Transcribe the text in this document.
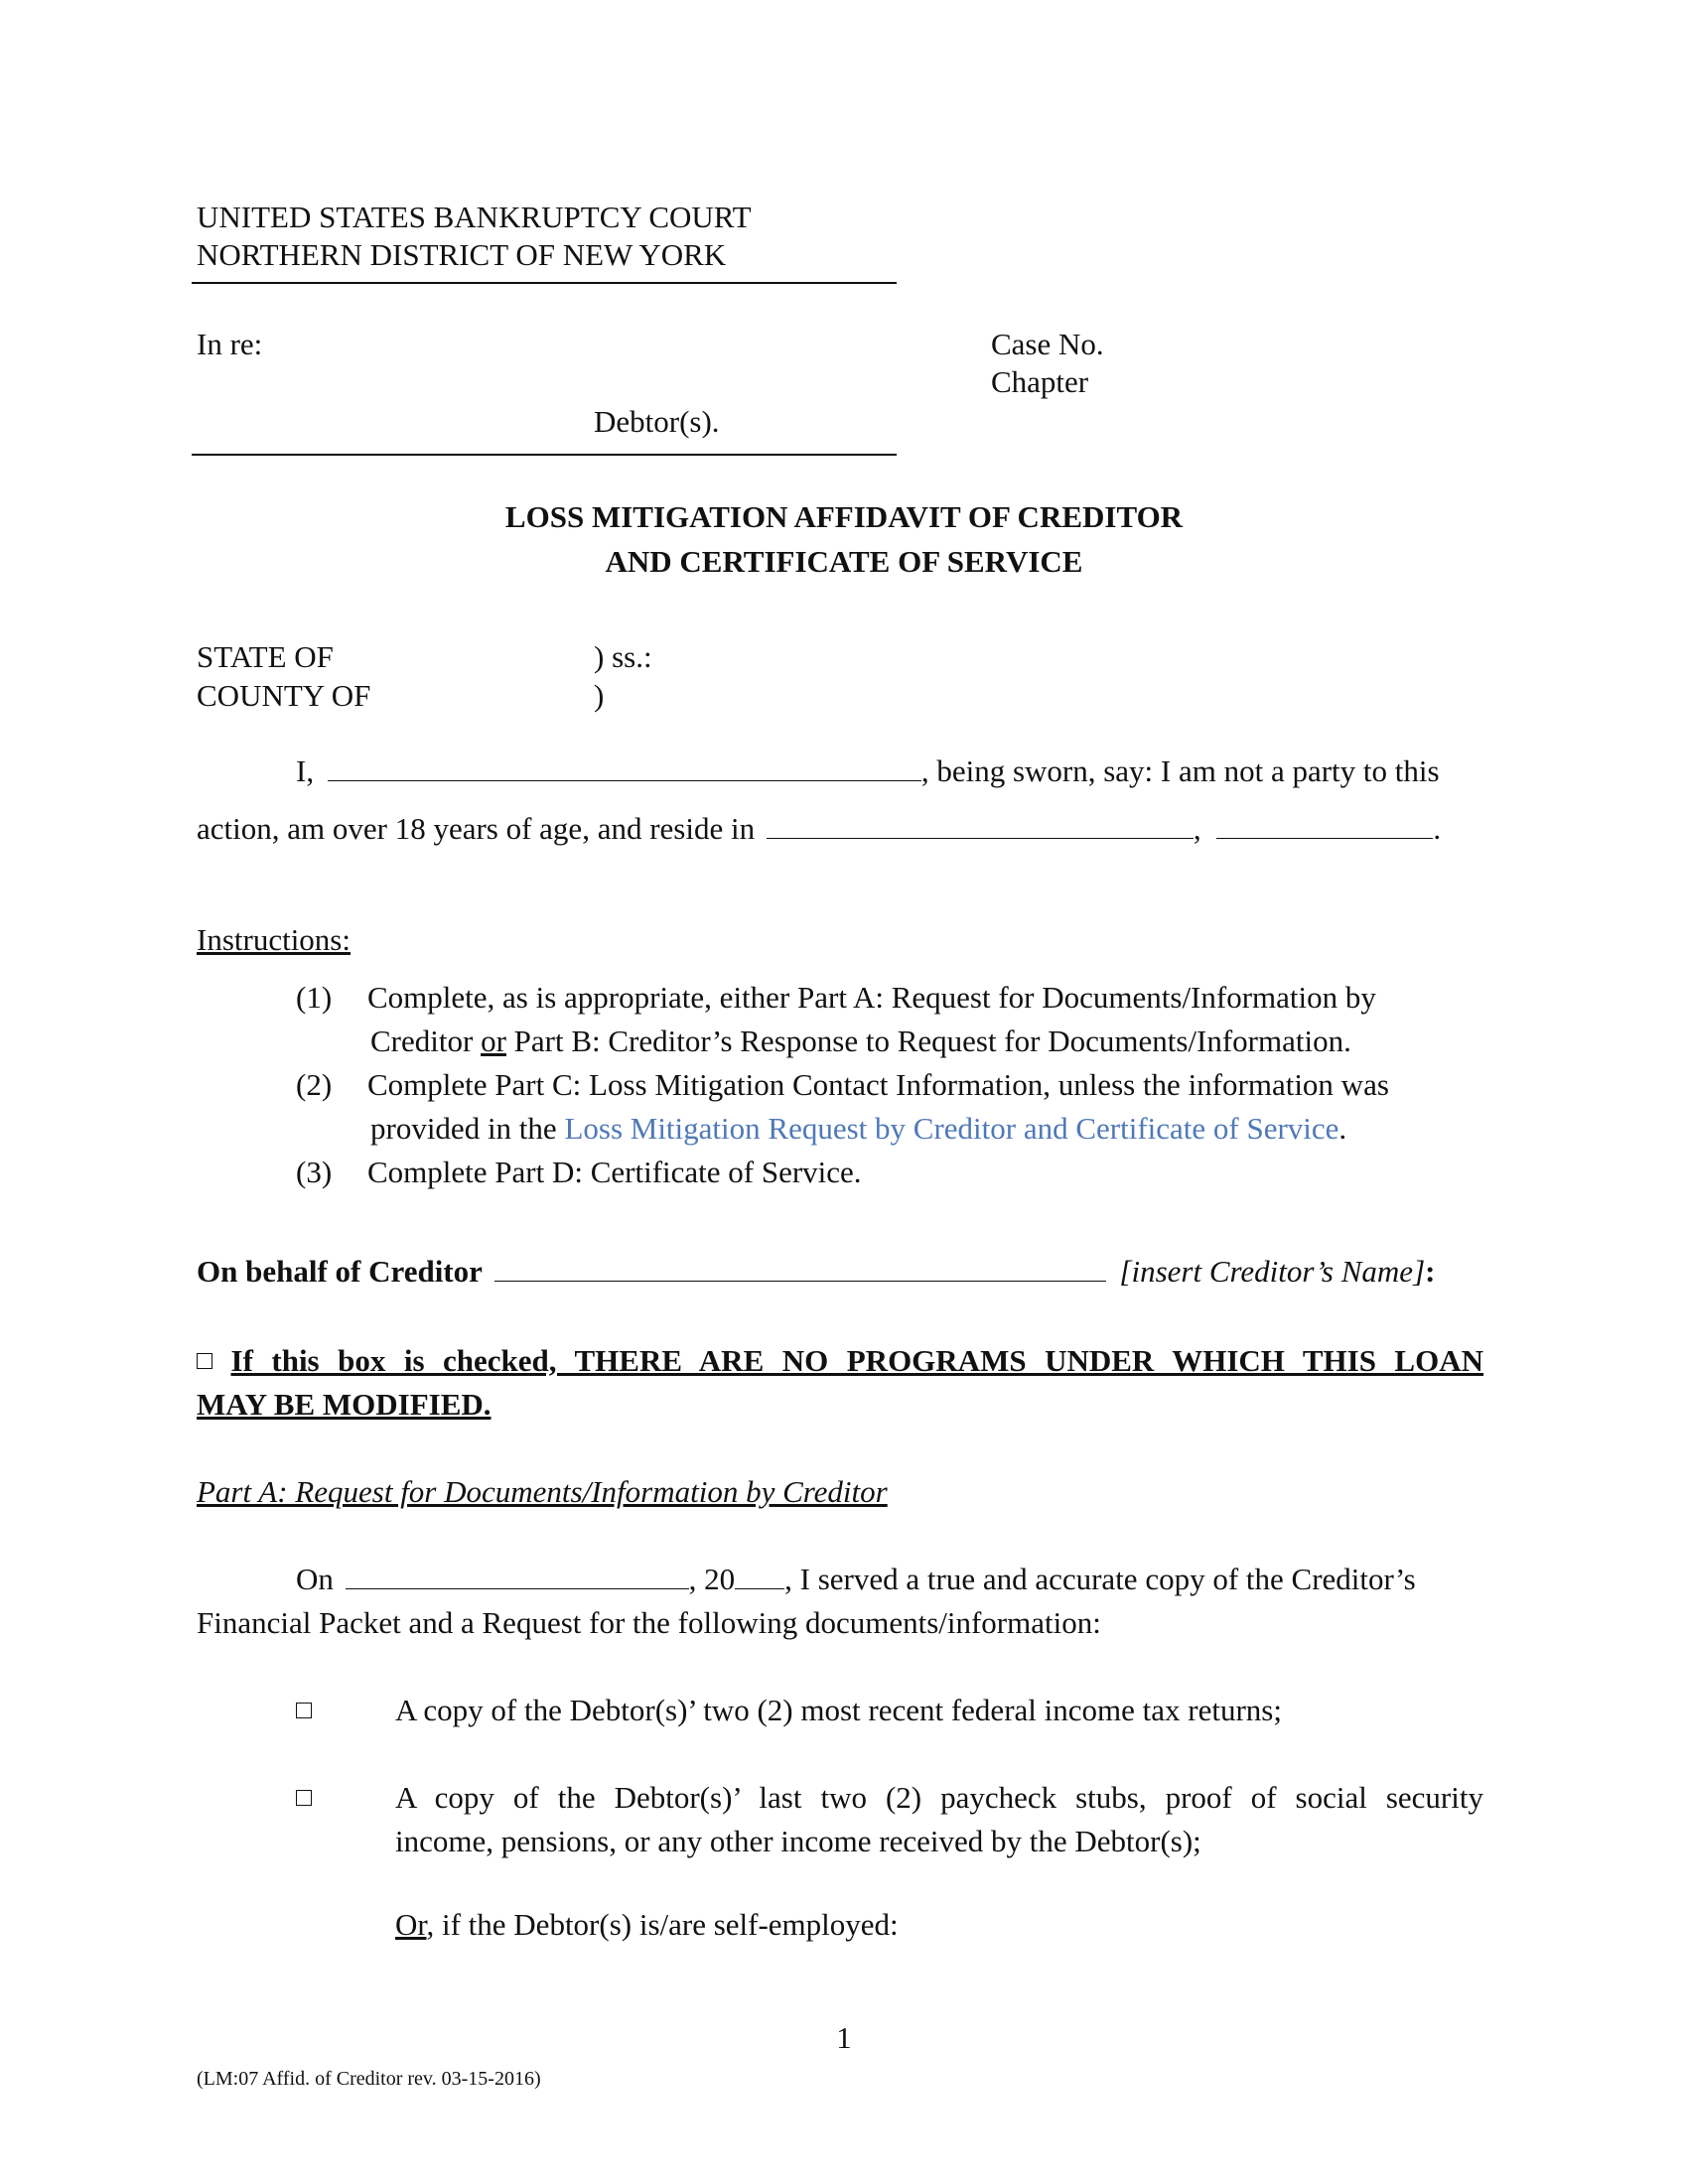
UNITED STATES BANKRUPTCY COURT
NORTHERN DISTRICT OF NEW YORK
In re:	Case No.
Chapter
Debtor(s).
LOSS MITIGATION AFFIDAVIT OF CREDITOR
AND CERTIFICATE OF SERVICE
STATE OF	) ss.:
COUNTY OF	)
I,	, being sworn, say: I am not a party to this
action, am over 18 years of age, and reside in	,	.
Instructions:
(1) Complete, as is appropriate, either Part A: Request for Documents/Information by
Creditor or Part B: Creditor’s Response to Request for Documents/Information.
(2) Complete Part C: Loss Mitigation Contact Information, unless the information was
provided in the Loss Mitigation Request by Creditor and Certificate of Service.
(3) Complete Part D: Certificate of Service.
On behalf of Creditor	[insert Creditor’s Name]:
If this box is checked, THERE ARE NO PROGRAMS UNDER WHICH THIS LOAN
MAY BE MODIFIED.
Part A: Request for Documents/Information by Creditor
On	, 20 , I served a true and accurate copy of the Creditor’s
Financial Packet and a Request for the following documents/information:
A copy of the Debtor(s)’ two (2) most recent federal income tax returns;
A copy of the Debtor(s)’ last two (2) paycheck stubs, proof of social security
income, pensions, or any other income received by the Debtor(s);
Or, if the Debtor(s) is/are self-employed:
1
(LM:07 Affid. of Creditor rev. 03-15-2016)
